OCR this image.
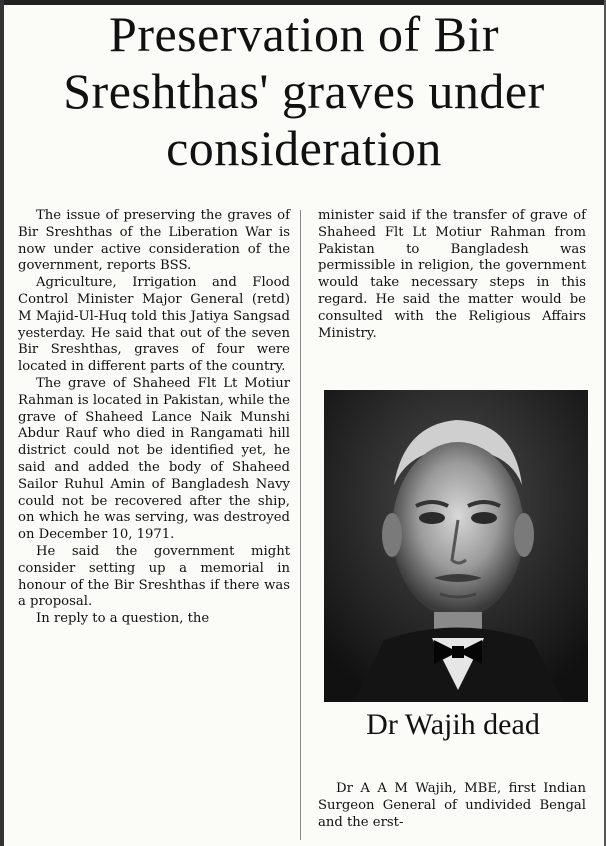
Preservation of Bir Sreshthas' graves under consideration

The issue of preserving the graves of Bir Sreshthas of the Liberation War is now under active consideration of the government, reports BSS.

Agriculture, Irrigation and Flood Control Minister Major General (retd) M Majid-Ul-Huq told this Jatiya Sangsad yesterday. He said that out of the seven Bir Sreshthas, graves of four were located in different parts of the country.

The grave of Shaheed Flt Lt Motiur Rahman is located in Pakistan, while the grave of Shaheed Lance Naik Munshi Abdur Rauf who died in Rangamati hill district could not be identified yet, he said and added the body of Shaheed Sailor Ruhul Amin of Bangladesh Navy could not be recovered after the ship, on which he was serving, was destroyed on December 10, 1971.

He said the government might consider setting up a memorial in honour of the Bir Sreshthas if there was a proposal.

In reply to a question, the

minister said if the transfer of grave of Shaheed Flt Lt Motiur Rahman from Pakistan to Bangladesh was permissible in religion, the government would take necessary steps in this regard. He said the matter would be consulted with the Religious Affairs Ministry.

Dr Wajih dead

Dr A A M Wajih, MBE, first Indian Surgeon General of undivided Bengal and the erst-
